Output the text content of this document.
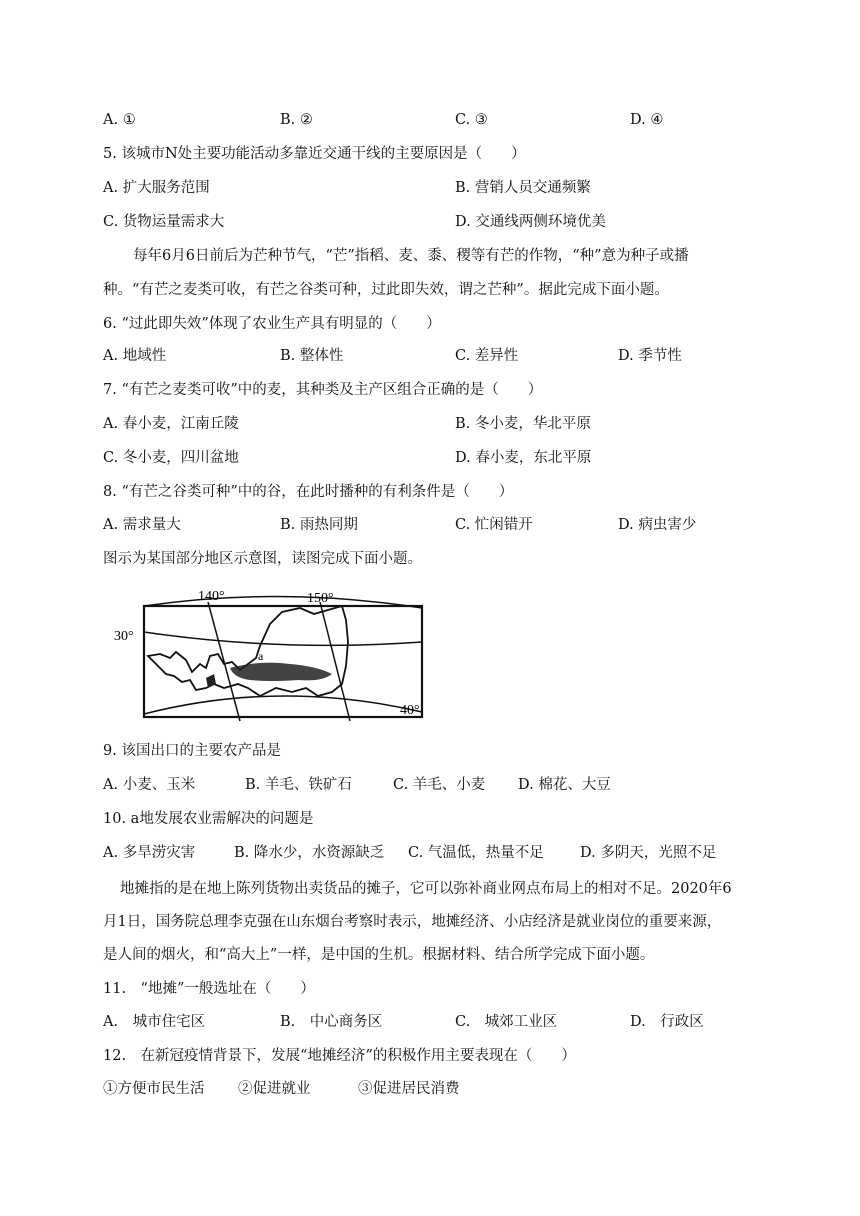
A. ①	B. ②	C. ③	D. ④
5. 该城市N处主要功能活动多靠近交通干线的主要原因是（　　）
A. 扩大服务范围	B. 营销人员交通频繁
C. 货物运量需求大	D. 交通线两侧环境优美
每年6月6日前后为芒种节气，“芒”指稻、麦、黍、稷等有芒的作物，“种”意为种子或播
种。“有芒之麦类可收，有芒之谷类可种，过此即失效，谓之芒种”。据此完成下面小题。
6. “过此即失效”体现了农业生产具有明显的（　　）
A. 地域性	B. 整体性	C. 差异性	D. 季节性
7. “有芒之麦类可收”中的麦，其种类及主产区组合正确的是（　　）
A. 春小麦，江南丘陵	B. 冬小麦，华北平原
C. 冬小麦，四川盆地	D. 春小麦，东北平原
8. “有芒之谷类可种”中的谷，在此时播种的有利条件是（　　）
A. 需求量大	B. 雨热同期	C. 忙闲错开	D. 病虫害少
图示为某国部分地区示意图，读图完成下面小题。
140°	150°
30°
40°
a
9. 该国出口的主要农产品是
A. 小麦、玉米	B. 羊毛、铁矿石	C. 羊毛、小麦 D. 棉花、大豆
10. a地发展农业需解决的问题是
A. 多旱涝灾害	B. 降水少，水资源缺乏 C. 气温低，热量不足 D. 多阴天，光照不足
地摊指的是在地上陈列货物出卖货品的摊子，它可以弥补商业网点布局上的相对不足。2020年6
月1日，国务院总理李克强在山东烟台考察时表示，地摊经济、小店经济是就业岗位的重要来源，
是人间的烟火，和“高大上”一样，是中国的生机。根据材料、结合所学完成下面小题。
11.　“地摊”一般选址在（　　）
A.　城市住宅区	B.　中心商务区	C.　城郊工业区	D.　行政区
12.　在新冠疫情背景下，发展“地摊经济”的积极作用主要表现在（　　）
①方便市民生活 ②促进就业	③促进居民消费
